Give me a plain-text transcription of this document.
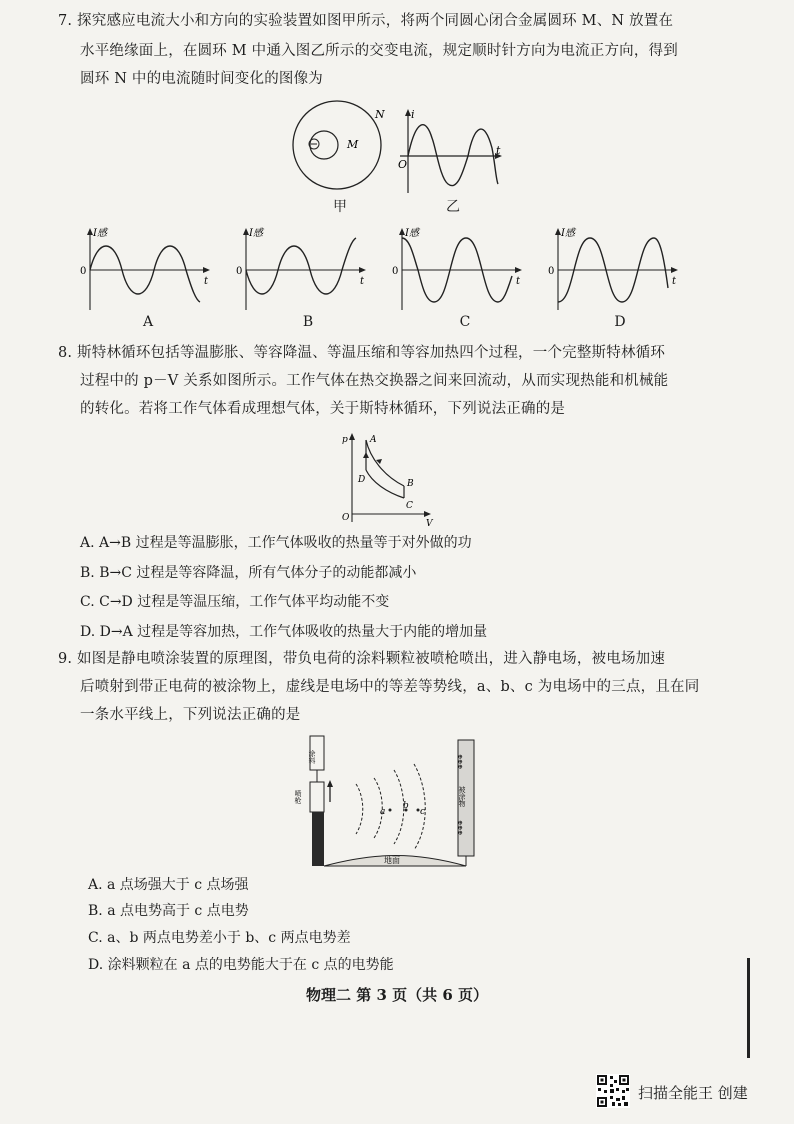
7. 探究感应电流大小和方向的实验装置如图甲所示，将两个同圆心闭合金属圆环 M、N 放置在
水平绝缘面上，在圆环 M 中通入图乙所示的交变电流，规定顺时针方向为电流正方向，得到
圆环 N 中的电流随时间变化的图像为
N
M
甲
i
O
t
乙
I感
0
t
I感
0
t
I感
0
t
I感
0
t
A	B	C	D
8. 斯特林循环包括等温膨胀、等容降温、等温压缩和等容加热四个过程，一个完整斯特林循环
过程中的 p－V 关系如图所示。工作气体在热交换器之间来回流动，从而实现热能和机械能
的转化。若将工作气体看成理想气体，关于斯特林循环，下列说法正确的是
p
V
O
A
D	B
C
A. A→B 过程是等温膨胀，工作气体吸收的热量等于对外做的功
B. B→C 过程是等容降温，所有气体分子的动能都减小
C. C→D 过程是等温压缩，工作气体平均动能不变
D. D→A 过程是等容加热，工作气体吸收的热量大于内能的增加量
9. 如图是静电喷涂装置的原理图，带负电荷的涂料颗粒被喷枪喷出，进入静电场，被电场加速
后喷射到带正电荷的被涂物上，虚线是电场中的等差等势线，a、b、c 为电场中的三点，且在同
一条水平线上，下列说法正确的是
涂料
喷枪
a
b
c
⊕⊕⊕
被涂物
⊕⊕⊕
地面
A. a 点场强大于 c 点场强
B. a 点电势高于 c 点电势
C. a、b 两点电势差小于 b、c 两点电势差
D. 涂料颗粒在 a 点的电势能大于在 c 点的电势能
物理二 第 3 页（共 6 页）
扫描全能王 创建
